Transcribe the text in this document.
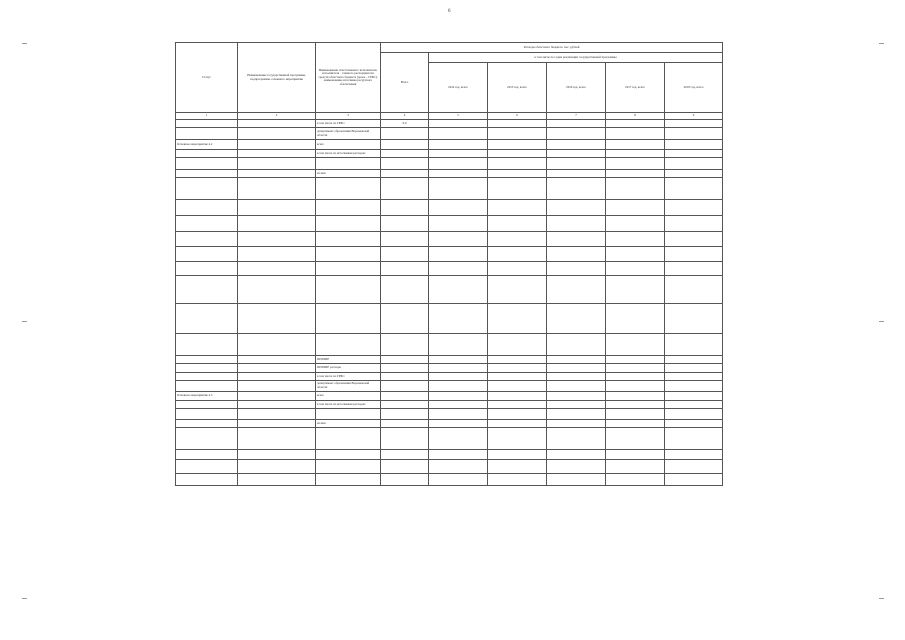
6
Статус	Наименование государственной программы, подпрограммы, основного мероприятия	Наименование ответственного исполнителя, исполнителя – главного распорядителя средств областного бюджета (далее – ГРБС); наименование источника ресурсного обеспечения	Расходы областного бюджета, тыс. рублей					
			Всего	в том числе по годам реализации государственной программы				
				2014 год, всего	2015 год, всего	2016 год, всего	2017 год, всего	2018 год, всего
1	2	3	4	5	6	7	8	9
		в том числе по ГРБС:	0,0					
		департамент образования Воронежской области						
Основное мероприятие 4.2		всего						
		в том числе по источникам расходов:						

		из них:						

		ПРОЧИЕ						
		ПРОЧИЕ расходы						
		в том числе по ГРБС:						
		департамент образования Воронежской области						
Основное мероприятие 4.3		всего						
		в том числе по источникам расходов:						

		из них:						
